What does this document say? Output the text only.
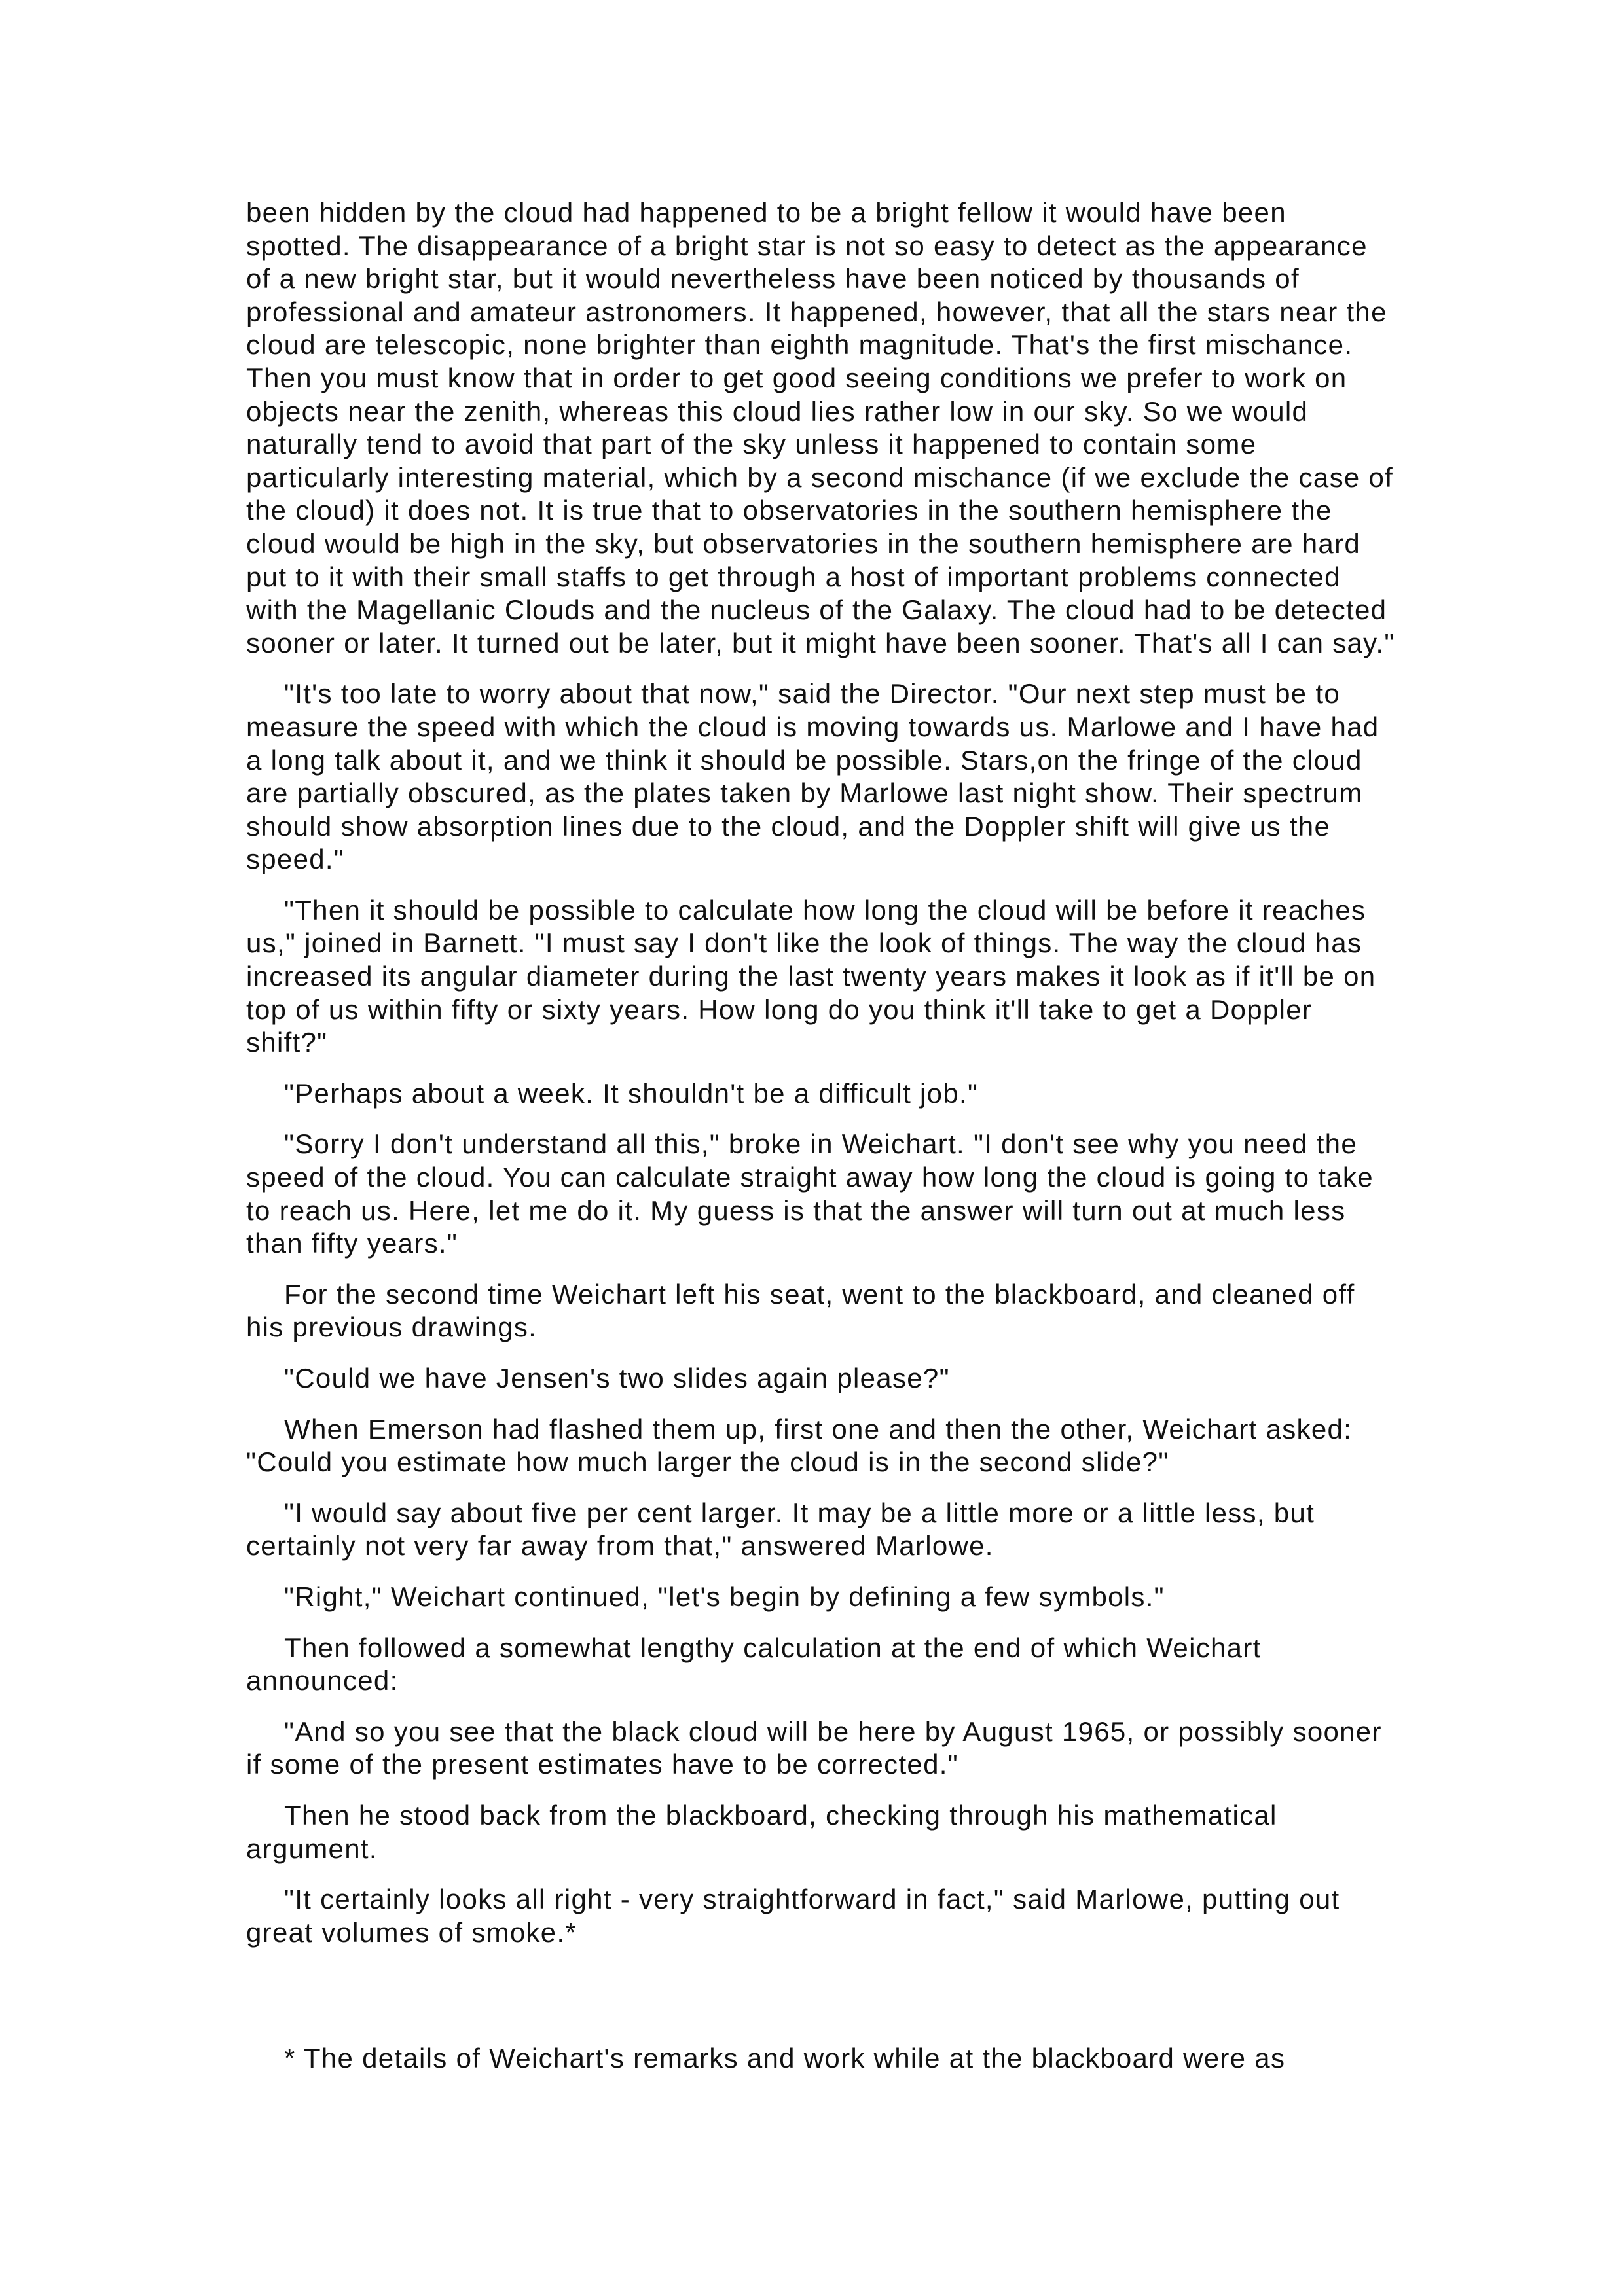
been hidden by the cloud had happened to be a bright fellow it would have been spotted. The disappearance of a bright star is not so easy to detect as the appearance of a new bright star, but it would nevertheless have been noticed by thousands of professional and amateur astronomers. It happened, however, that all the stars near the cloud are telescopic, none brighter than eighth magnitude. That's the first mischance. Then you must know that in order to get good seeing conditions we prefer to work on objects near the zenith, whereas this cloud lies rather low in our sky. So we would naturally tend to avoid that part of the sky unless it happened to contain some particularly interesting material, which by a second mischance (if we exclude the case of the cloud) it does not. It is true that to observatories in the southern hemisphere the cloud would be high in the sky, but observatories in the southern hemisphere are hard put to it with their small staffs to get through a host of important problems connected with the Magellanic Clouds and the nucleus of the Galaxy. The cloud had to be detected sooner or later. It turned out be later, but it might have been sooner. That's all I can say."

"It's too late to worry about that now," said the Director. "Our next step must be to measure the speed with which the cloud is moving towards us. Marlowe and I have had a long talk about it, and we think it should be possible. Stars,on the fringe of the cloud are partially obscured, as the plates taken by Marlowe last night show. Their spectrum should show absorption lines due to the cloud, and the Doppler shift will give us the speed."

"Then it should be possible to calculate how long the cloud will be before it reaches us," joined in Barnett. "I must say I don't like the look of things. The way the cloud has increased its angular diameter during the last twenty years makes it look as if it'll be on top of us within fifty or sixty years. How long do you think it'll take to get a Doppler shift?"

"Perhaps about a week. It shouldn't be a difficult job."

"Sorry I don't understand all this," broke in Weichart. "I don't see why you need the speed of the cloud. You can calculate straight away how long the cloud is going to take to reach us. Here, let me do it. My guess is that the answer will turn out at much less than fifty years."

For the second time Weichart left his seat, went to the blackboard, and cleaned off his previous drawings.

"Could we have Jensen's two slides again please?"

When Emerson had flashed them up, first one and then the other, Weichart asked: "Could you estimate how much larger the cloud is in the second slide?"

"I would say about five per cent larger. It may be a little more or a little less, but certainly not very far away from that," answered Marlowe.

"Right," Weichart continued, "let's begin by defining a few symbols."

Then followed a somewhat lengthy calculation at the end of which Weichart announced:

"And so you see that the black cloud will be here by August 1965, or possibly sooner if some of the present estimates have to be corrected."

Then he stood back from the blackboard, checking through his mathematical argument.

"It certainly looks all right - very straightforward in fact," said Marlowe, putting out great volumes of smoke.*

* The details of Weichart's remarks and work while at the blackboard were as
